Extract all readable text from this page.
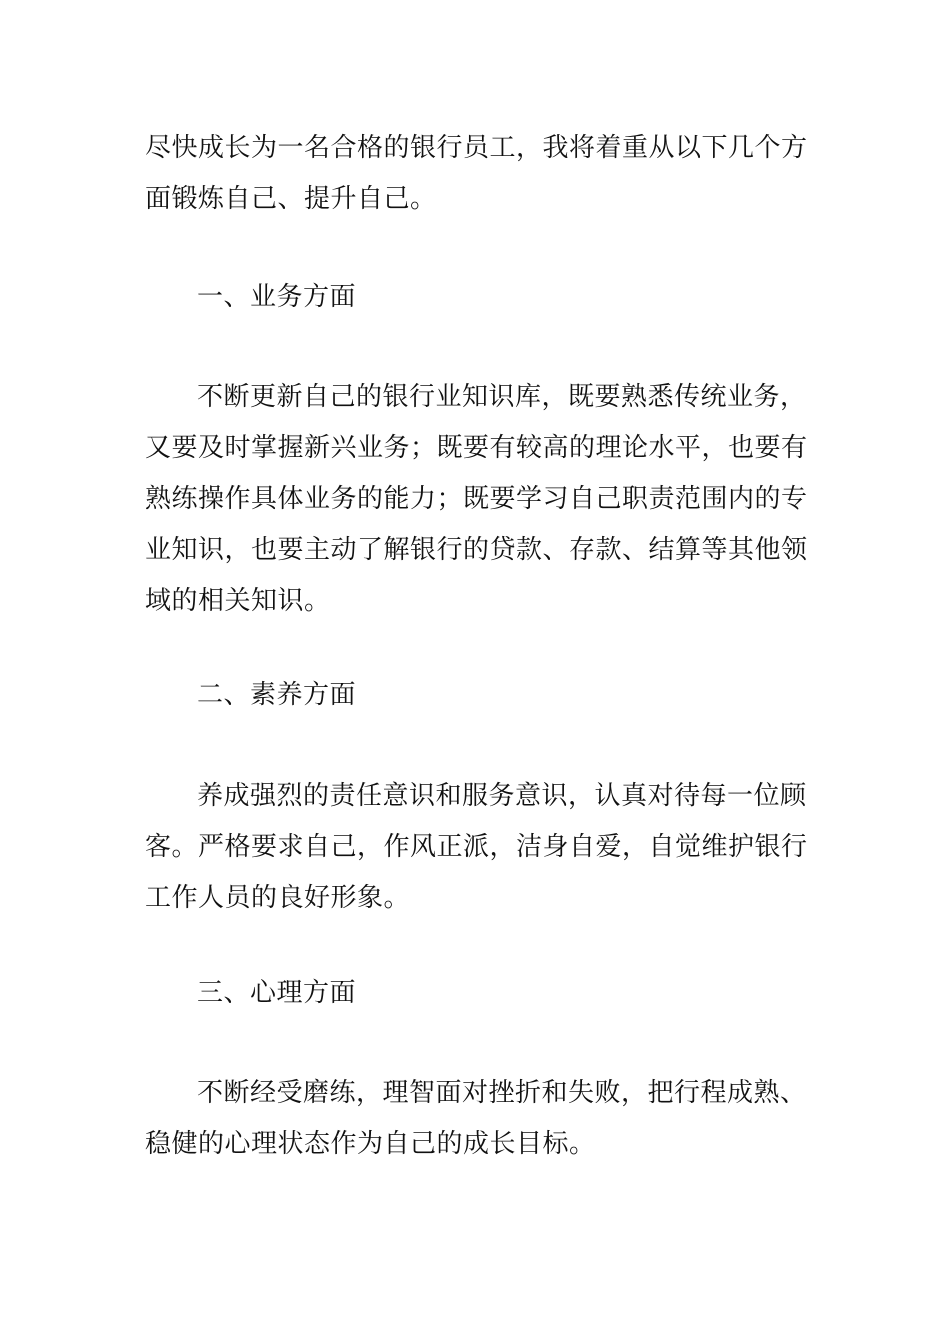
尽快成长为一名合格的银行员工，我将着重从以下几个方
面锻炼自己、提升自己。
一、业务方面
不断更新自己的银行业知识库，既要熟悉传统业务，
又要及时掌握新兴业务；既要有较高的理论水平，也要有
熟练操作具体业务的能力；既要学习自己职责范围内的专
业知识，也要主动了解银行的贷款、存款、结算等其他领
域的相关知识。
二、素养方面
养成强烈的责任意识和服务意识，认真对待每一位顾
客。严格要求自己，作风正派，洁身自爱，自觉维护银行
工作人员的良好形象。
三、心理方面
不断经受磨练，理智面对挫折和失败，把行程成熟、
稳健的心理状态作为自己的成长目标。
